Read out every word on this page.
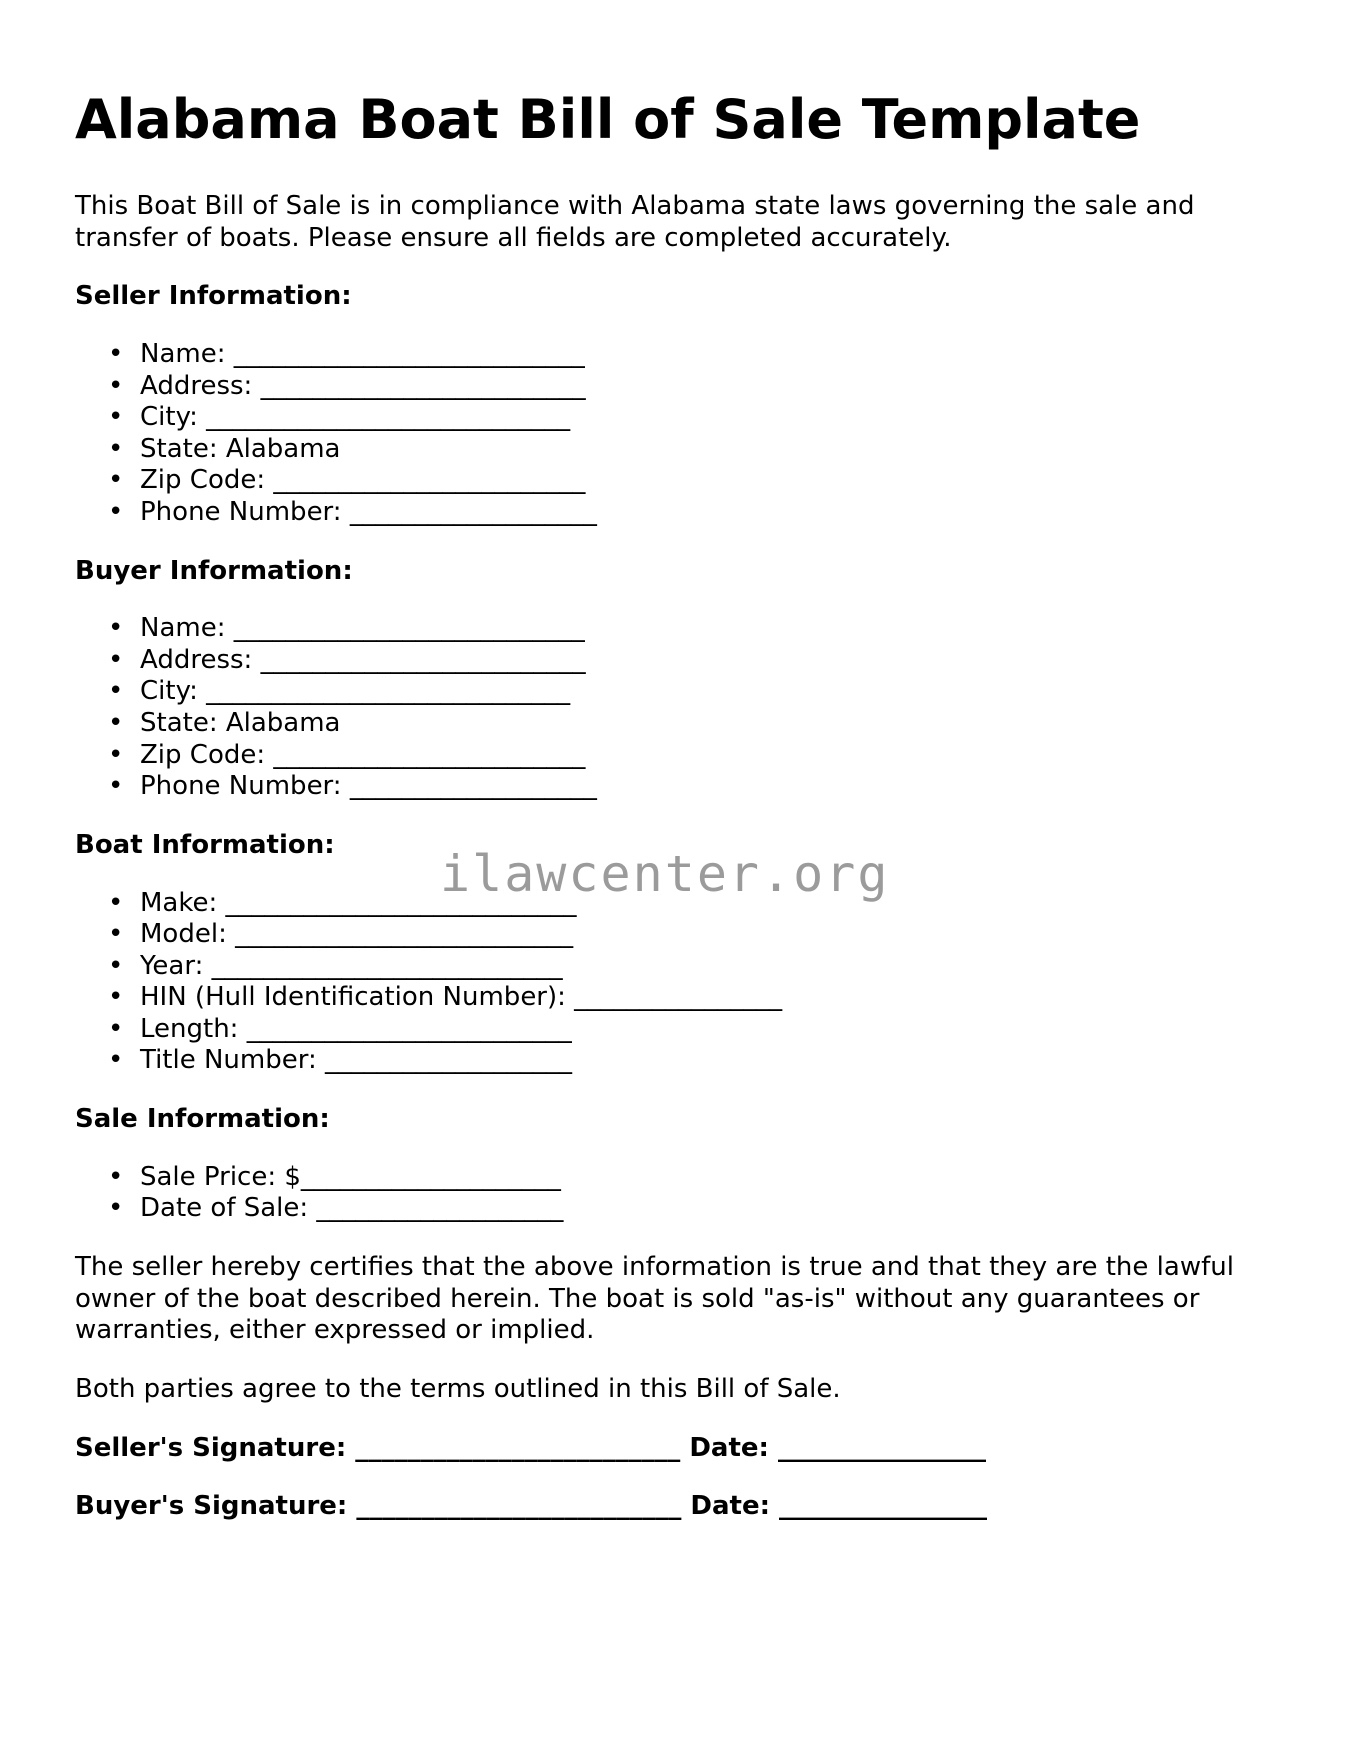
Alabama Boat Bill of Sale Template

This Boat Bill of Sale is in compliance with Alabama state laws governing the sale and transfer of boats. Please ensure all fields are completed accurately.

Seller Information:
• Name: ___________________________
• Address: _________________________
• City: ____________________________
• State: Alabama
• Zip Code: ________________________
• Phone Number: ___________________
Buyer Information:
• Name: ___________________________
• Address: _________________________
• City: ____________________________
• State: Alabama
• Zip Code: ________________________
• Phone Number: ___________________
Boat Information:
• Make: ___________________________
• Model: __________________________
• Year: ___________________________
• HIN (Hull Identification Number): ________________
• Length: _________________________
• Title Number: ___________________
Sale Information:
• Sale Price: $____________________
• Date of Sale: ___________________

The seller hereby certifies that the above information is true and that they are the lawful owner of the boat described herein. The boat is sold "as-is" without any guarantees or warranties, either expressed or implied.

Both parties agree to the terms outlined in this Bill of Sale.

Seller's Signature: _________________________ Date: ________________
Buyer's Signature: _________________________ Date: ________________
ilawcenter.org
